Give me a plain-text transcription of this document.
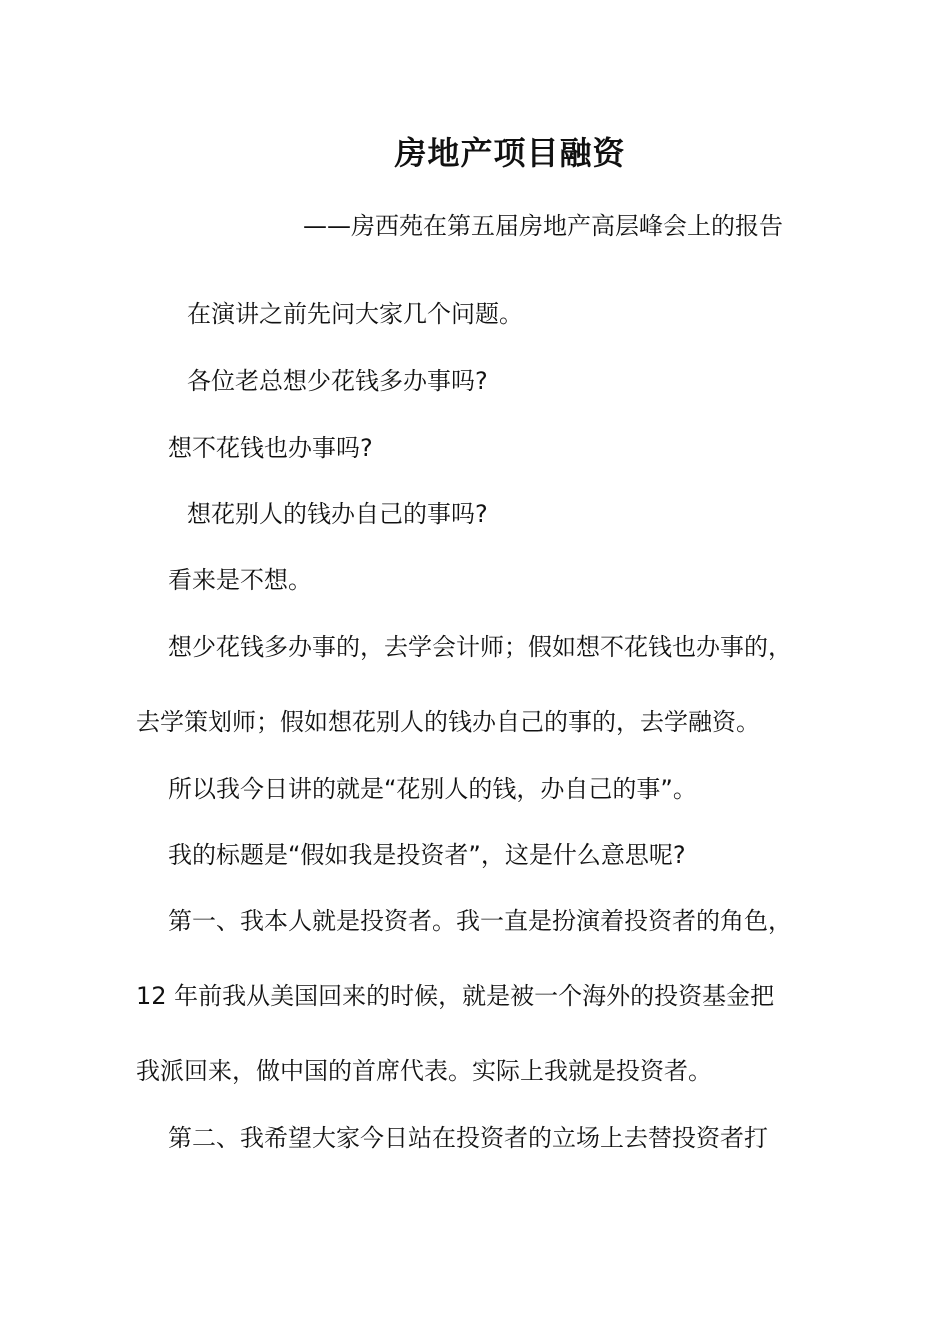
房地产项目融资
——房西苑在第五届房地产高层峰会上的报告
在演讲之前先问大家几个问题。
各位老总想少花钱多办事吗?
想不花钱也办事吗?
想花别人的钱办自己的事吗?
看来是不想。
想少花钱多办事的，去学会计师；假如想不花钱也办事的，
去学策划师；假如想花别人的钱办自己的事的，去学融资。
所以我今日讲的就是“花别人的钱，办自己的事”。
我的标题是“假如我是投资者”，这是什么意思呢?
第一、我本人就是投资者。我一直是扮演着投资者的角色，
12 年前我从美国回来的时候，就是被一个海外的投资基金把
我派回来，做中国的首席代表。实际上我就是投资者。
第二、我希望大家今日站在投资者的立场上去替投资者打
